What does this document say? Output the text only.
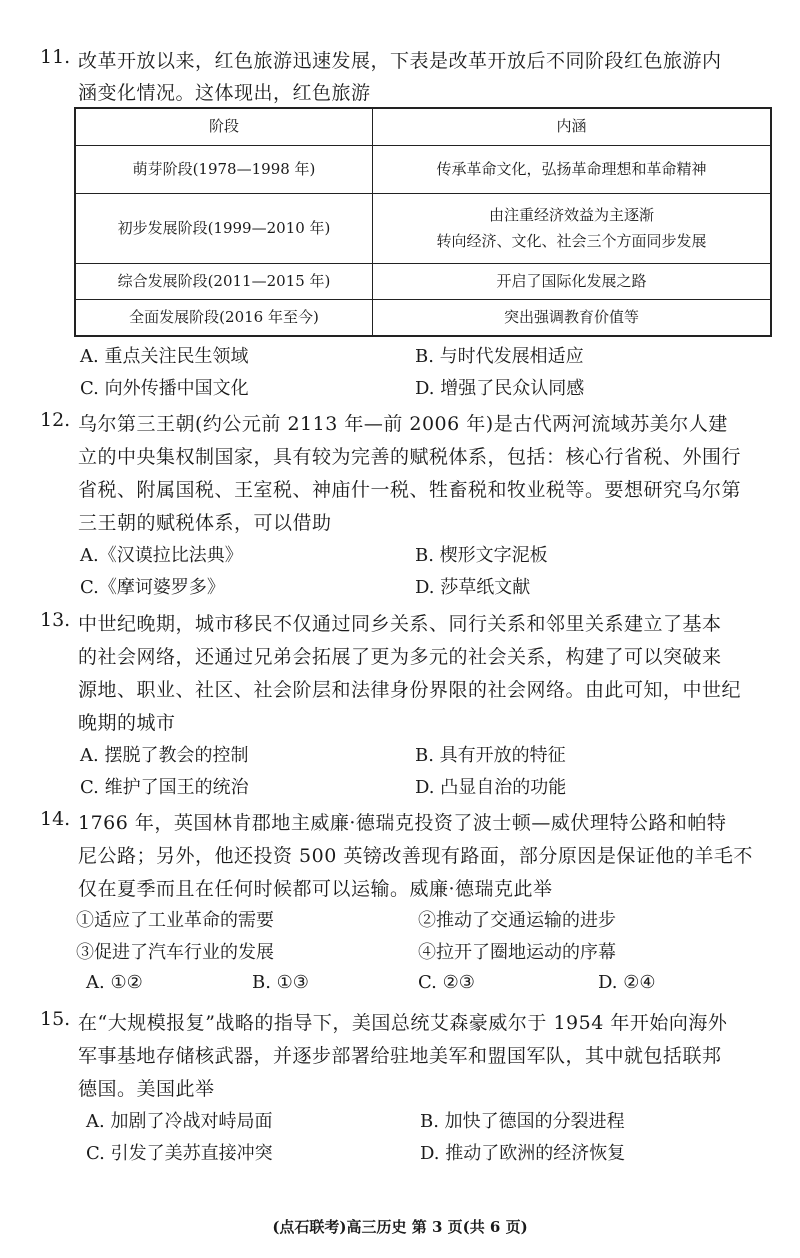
11. 改革开放以来，红色旅游迅速发展，下表是改革开放后不同阶段红色旅游内
涵变化情况。这体现出，红色旅游
阶段	内涵
萌芽阶段(1978—1998 年)	传承革命文化，弘扬革命理想和革命精神
初步发展阶段(1999—2010 年)	由注重经济效益为主逐渐
转向经济、文化、社会三个方面同步发展

综合发展阶段(2011—2015 年)	开启了国际化发展之路
全面发展阶段(2016 年至今)	突出强调教育价值等
A. 重点关注民生领域	B. 与时代发展相适应
C. 向外传播中国文化	D. 增强了民众认同感
12. 乌尔第三王朝(约公元前 2113 年—前 2006 年)是古代两河流域苏美尔人建
立的中央集权制国家，具有较为完善的赋税体系，包括：核心行省税、外围行
省税、附属国税、王室税、神庙什一税、牲畜税和牧业税等。要想研究乌尔第
三王朝的赋税体系，可以借助
A.《汉谟拉比法典》	B. 楔形文字泥板
C.《摩诃婆罗多》	D. 莎草纸文献
13. 中世纪晚期，城市移民不仅通过同乡关系、同行关系和邻里关系建立了基本
的社会网络，还通过兄弟会拓展了更为多元的社会关系，构建了可以突破来
源地、职业、社区、社会阶层和法律身份界限的社会网络。由此可知，中世纪
晚期的城市
A. 摆脱了教会的控制	B. 具有开放的特征
C. 维护了国王的统治	D. 凸显自治的功能
14. 1766 年，英国林肯郡地主威廉·德瑞克投资了波士顿—威伏理特公路和帕特
尼公路；另外，他还投资 500 英镑改善现有路面，部分原因是保证他的羊毛不
仅在夏季而且在任何时候都可以运输。威廉·德瑞克此举
①适应了工业革命的需要	②推动了交通运输的进步
③促进了汽车行业的发展	④拉开了圈地运动的序幕
A. ①②	B. ①③	C. ②③	D. ②④
15. 在“大规模报复”战略的指导下，美国总统艾森豪威尔于 1954 年开始向海外
军事基地存储核武器，并逐步部署给驻地美军和盟国军队，其中就包括联邦
德国。美国此举
A. 加剧了冷战对峙局面	B. 加快了德国的分裂进程
C. 引发了美苏直接冲突	D. 推动了欧洲的经济恢复
(点石联考)高三历史 第 3 页(共 6 页)
